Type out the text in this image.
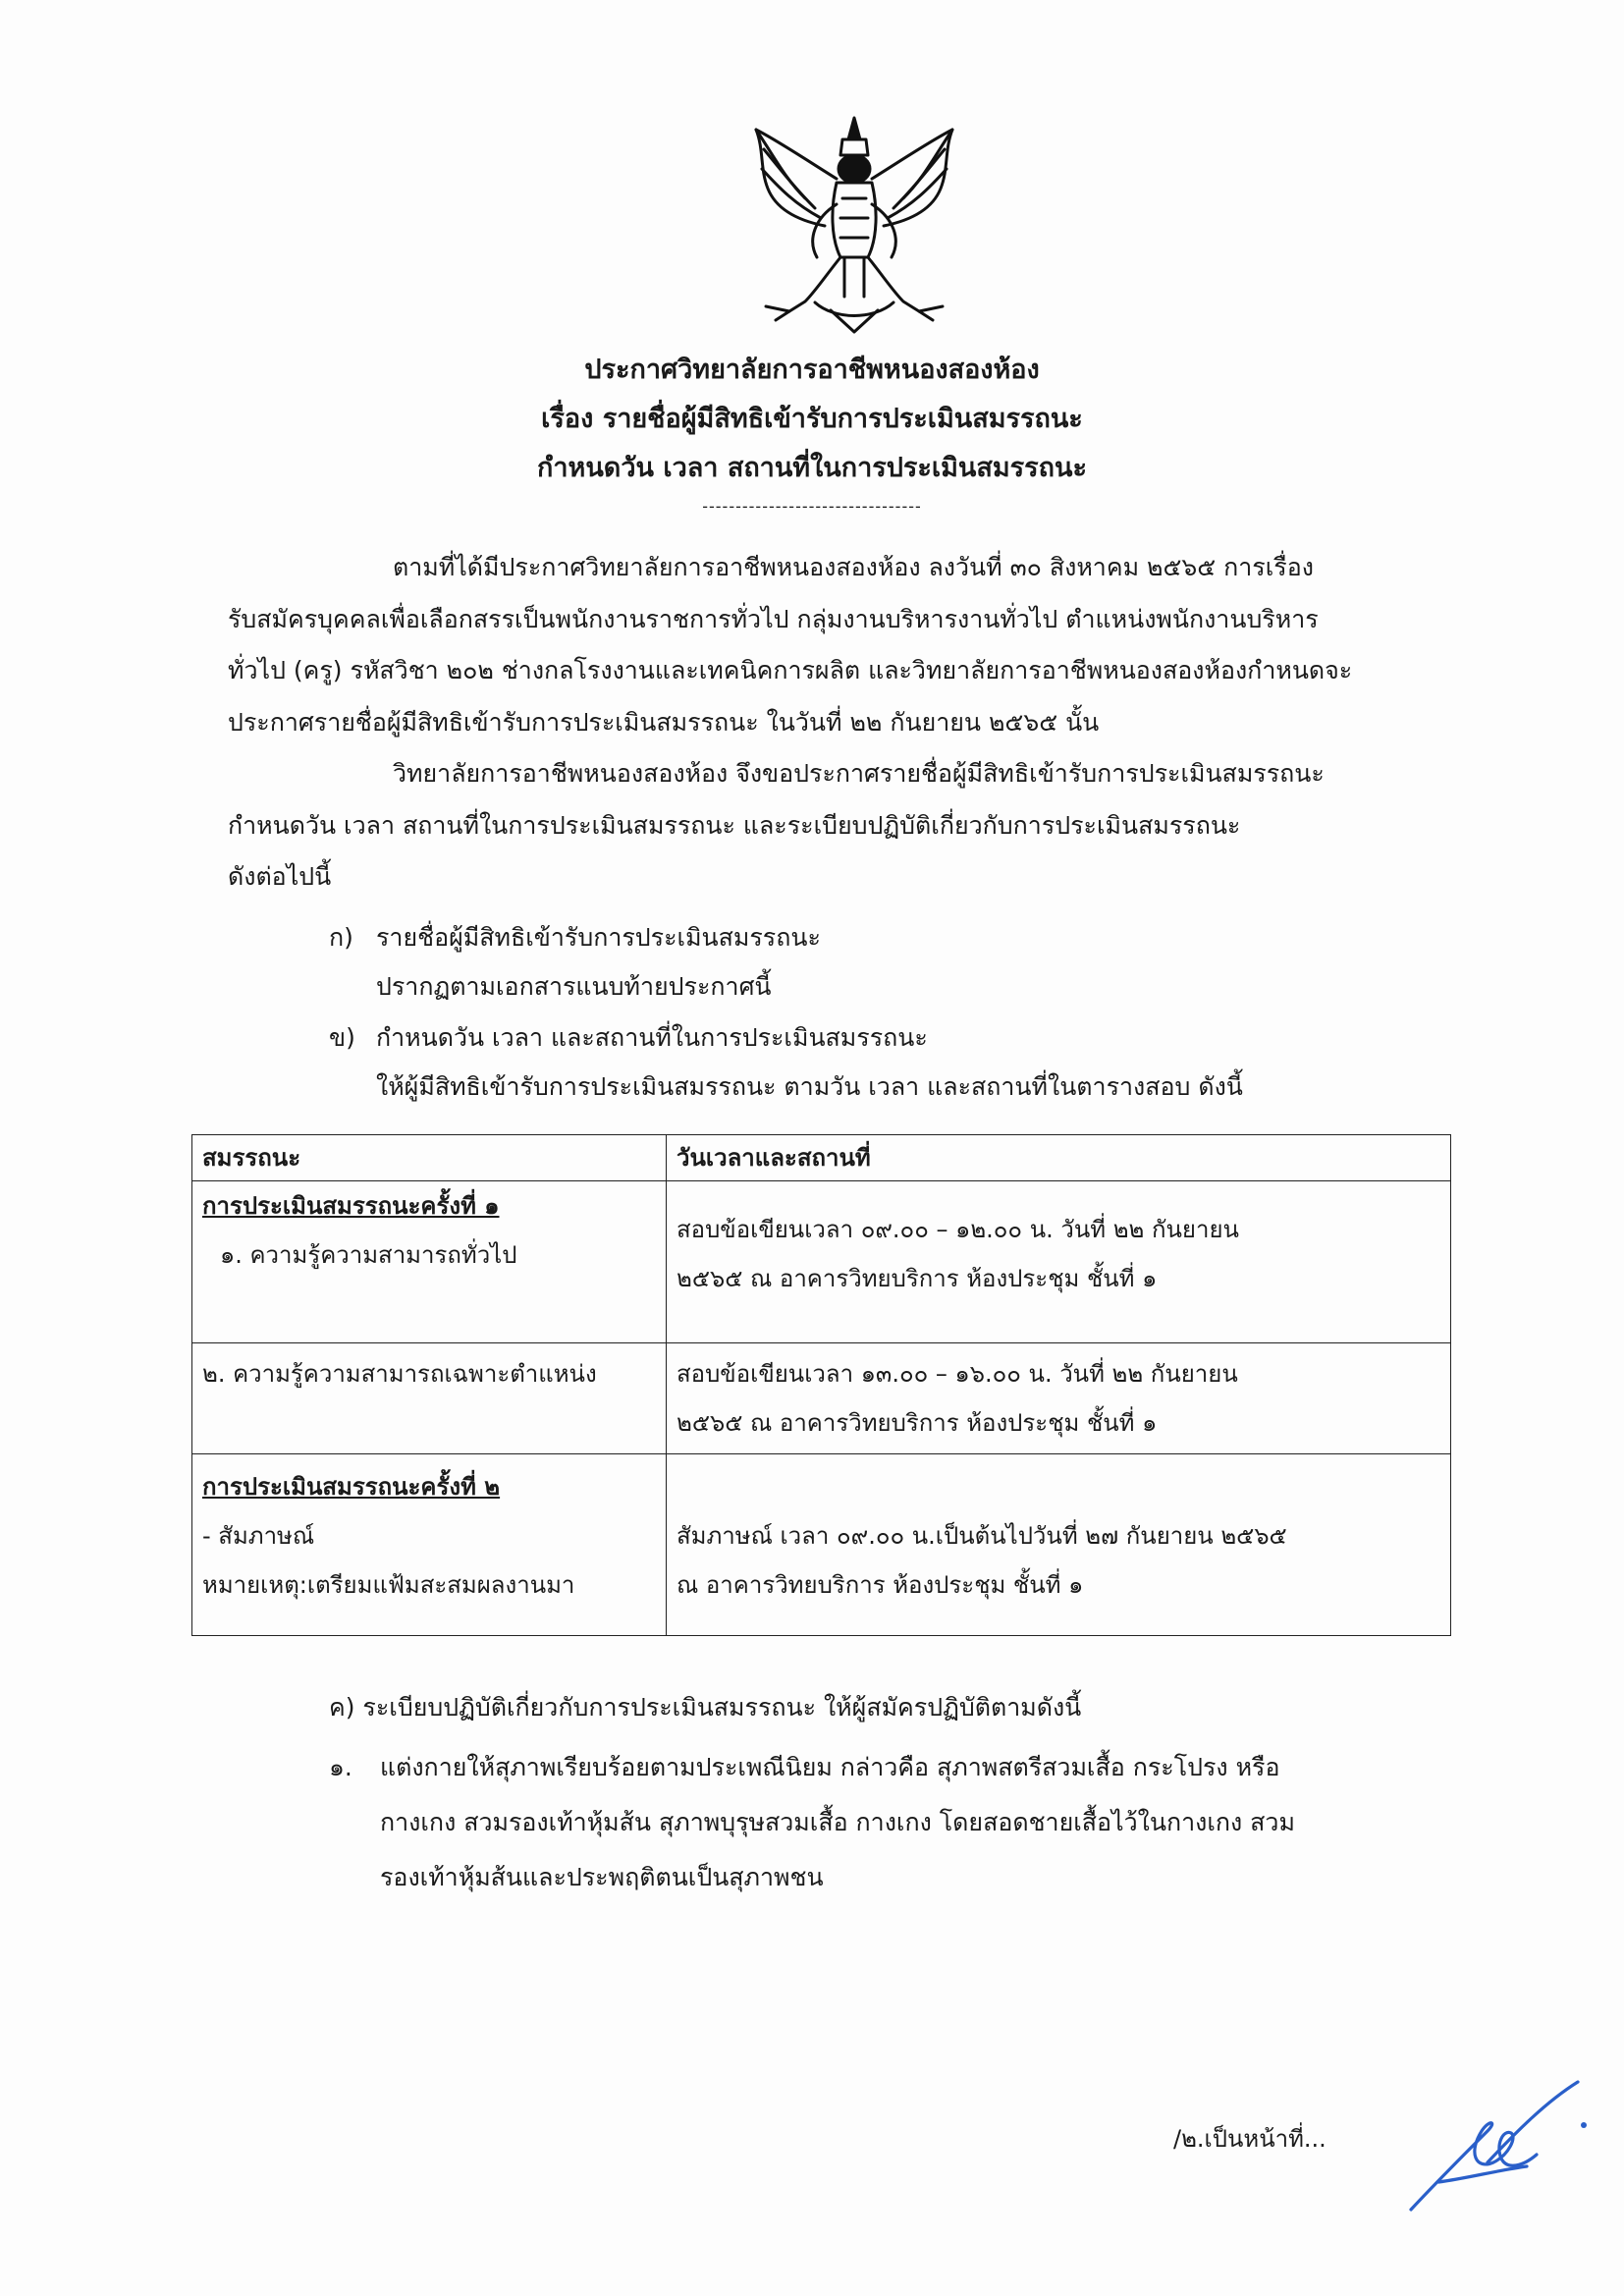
ประกาศวิทยาลัยการอาชีพหนองสองห้อง
เรื่อง รายชื่อผู้มีสิทธิเข้ารับการประเมินสมรรถนะ
กำหนดวัน เวลา สถานที่ในการประเมินสมรรถนะ
---------------------------------
ตามที่ได้มีประกาศวิทยาลัยการอาชีพหนองสองห้อง ลงวันที่ ๓๐ สิงหาคม ๒๕๖๕ การเรื่อง
รับสมัครบุคคลเพื่อเลือกสรรเป็นพนักงานราชการทั่วไป กลุ่มงานบริหารงานทั่วไป ตำแหน่งพนักงานบริหาร
ทั่วไป (ครู) รหัสวิชา ๒๐๒ ช่างกลโรงงานและเทคนิคการผลิต และวิทยาลัยการอาชีพหนองสองห้องกำหนดจะ
ประกาศรายชื่อผู้มีสิทธิเข้ารับการประเมินสมรรถนะ ในวันที่ ๒๒ กันยายน ๒๕๖๕ นั้น
วิทยาลัยการอาชีพหนองสองห้อง จึงขอประกาศรายชื่อผู้มีสิทธิเข้ารับการประเมินสมรรถนะ
กำหนดวัน เวลา สถานที่ในการประเมินสมรรถนะ และระเบียบปฏิบัติเกี่ยวกับการประเมินสมรรถนะ
ดังต่อไปนี้
ก) รายชื่อผู้มีสิทธิเข้ารับการประเมินสมรรถนะ
ปรากฏตามเอกสารแนบท้ายประกาศนี้
ข) กำหนดวัน เวลา และสถานที่ในการประเมินสมรรถนะ
ให้ผู้มีสิทธิเข้ารับการประเมินสมรรถนะ ตามวัน เวลา และสถานที่ในตารางสอบ ดังนี้
สมรรถนะ	วันเวลาและสถานที่

การประเมินสมรรถนะครั้งที่ ๑
๑. ความรู้ความสามารถทั่วไป	สอบข้อเขียนเวลา ๐๙.๐๐ – ๑๒.๐๐ น. วันที่ ๒๒ กันยายน
๒๕๖๕ ณ อาคารวิทยบริการ ห้องประชุม ชั้นที่ ๑

๒. ความรู้ความสามารถเฉพาะตำแหน่ง	สอบข้อเขียนเวลา ๑๓.๐๐ – ๑๖.๐๐ น. วันที่ ๒๒ กันยายน
๒๕๖๕ ณ อาคารวิทยบริการ ห้องประชุม ชั้นที่ ๑

การประเมินสมรรถนะครั้งที่ ๒
- สัมภาษณ์
หมายเหตุ:เตรียมแฟ้มสะสมผลงานมา	สัมภาษณ์ เวลา ๐๙.๐๐ น.เป็นต้นไปวันที่ ๒๗ กันยายน ๒๕๖๕
ณ อาคารวิทยบริการ ห้องประชุม ชั้นที่ ๑
ค) ระเบียบปฏิบัติเกี่ยวกับการประเมินสมรรถนะ ให้ผู้สมัครปฏิบัติตามดังนี้
๑. แต่งกายให้สุภาพเรียบร้อยตามประเพณีนิยม กล่าวคือ สุภาพสตรีสวมเสื้อ กระโปรง หรือ
กางเกง สวมรองเท้าหุ้มส้น สุภาพบุรุษสวมเสื้อ กางเกง โดยสอดชายเสื้อไว้ในกางเกง สวม
รองเท้าหุ้มส้นและประพฤติตนเป็นสุภาพชน
/๒.เป็นหน้าที่...
